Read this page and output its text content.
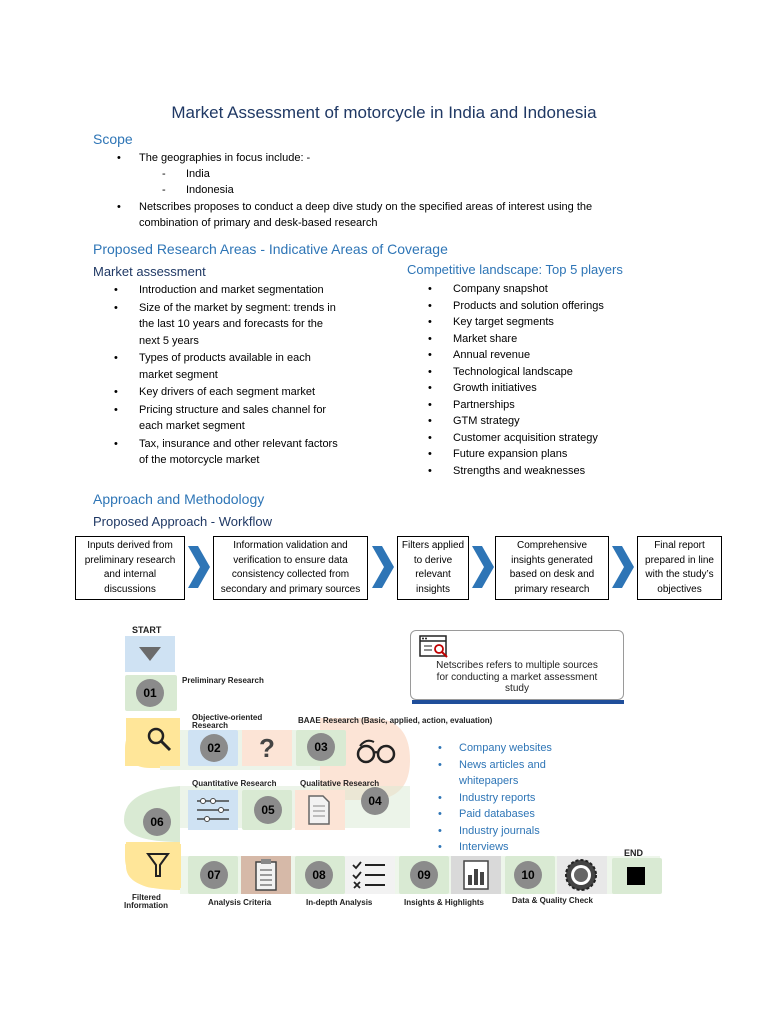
Market Assessment of motorcycle in India and Indonesia
Scope
• The geographies in focus include: -
- India
- Indonesia
• Netscribes proposes to conduct a deep dive study on the specified areas of interest using the
combination of primary and desk-based research
Proposed Research Areas - Indicative Areas of Coverage
Market assessment	Competitive landscape: Top 5 players
• Introduction and market segmentation
• Size of the market by segment: trends in
the last 10 years and forecasts for the
next 5 years
• Types of products available in each
market segment
• Key drivers of each segment market
• Pricing structure and sales channel for
each market segment
• Tax, insurance and other relevant factors
of the motorcycle market
• Company snapshot
• Products and solution offerings
• Key target segments
• Market share
• Annual revenue
• Technological landscape
• Growth initiatives
• Partnerships
• GTM strategy
• Customer acquisition strategy
• Future expansion plans
• Strengths and weaknesses
Approach and Methodology
Proposed Approach - Workflow
Inputs derived from
preliminary research
and internal
discussions
Information validation and
verification to ensure data
consistency collected from
secondary and primary sources
Filters applied
to derive
relevant
insights
Comprehensive
insights generated
based on desk and
primary research
Final report
prepared in line
with the study’s
objectives
START
01
Preliminary Research
Objective-oriented
Research
02	?	03
BAAE Research (Basic, applied, action, evaluation)
04
Qualitative Research
Quantitative Research
05
06
Filtered
Information
07
Analysis Criteria
08
In-depth Analysis
09
Insights & Highlights
10
Data & Quality Check
END
Netscribes refers to multiple sources
for conducting a market assessment
study
• Company websites
• News articles and
whitepapers
• Industry reports
• Paid databases
• Industry journals
• Interviews
